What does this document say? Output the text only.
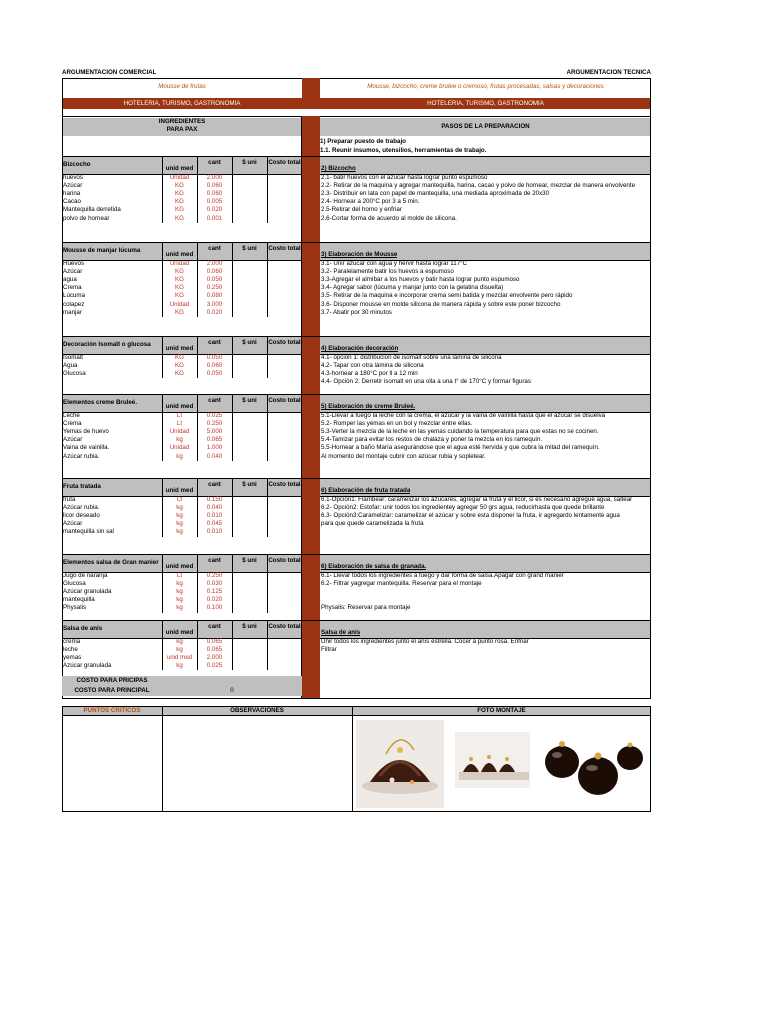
ARGUMENTACIÓN COMERCIAL	ARGUMENTACIÓN TECNICA
Mousse de frutas	Mousse, bizcocho, creme brulee o cremoso, frutas procesadas, salsas y decoraciones
HOTELERÍA, TURISMO, GASTRONOMÍA	HOTELERÍA, TURISMO, GASTRONOMÍA
INGREDIENTES
PARA PAX	PASOS DE LA PREPARACIÓN
1) Preparar puesto de trabajo
1.1. Reunir insumos, utensilios, herramientas de trabajo.
Bizcocho
unid med
cant	$ uni	Costo total
2) Bizcocho
huevos	Unidad	2.000
Azúcar	KG	0.060
harina	KG	0.060
Cacao	KG	0.005
Mantequilla derretida	KG	0.020
polvo de hornear	KG	0.001
2.1- batir huevos con el azúcar hasta lograr punto espumoso
2.2- Retirar de la maquina y agregar mantequilla, harina, cacao y polvo de hornear, mezclar de manera envolvente
2.3- Distribuir en lata con papel de mantequilla, una mediada aproximada de 20x30
2.4- Hornear a 200°C por 3 a 5 min.
2.5-Retirar del horno y enfriar
2.6-Cortar forma de acuerdo al molde de silicona.
Mousse de manjar lúcuma
unid med
cant	$ uni	Costo total
3) Elaboración de Mousse
Huevos	Unidad	2.000
Azúcar	KG	0.060
agua	KG	0.050
Crema	KG	0.250
Lúcuma	KG	0.080
colapez	Unidad	3.000
manjar	KG	0.020
3.1- Unir azúcar con agua y hervir hasta lograr 117°C
3.2- Paralelamente batir los huevos a espumoso
3.3-Agregar el almíbar a los huevos y batir hasta lograr punto espumoso
3.4- Agregar sabor (lúcuma y manjar junto con la gelatina disuelta)
3.5- Retirar de la maquina e incorporar crema semi batida y mezclar envolvente pero rápido
3.6- Disponer mousse en molde silicona de manera rápida y sobre este poner bizcocho
3.7- Abatir por 30 minutos
Decoración Isomalt o glucosa
unid med
cant	$ uni	Costo total
4) Elaboración decoración
Isomalt	KG	0.050
Agua	KG	0.060
Glucosa	KG	0.050
4.1- opción 1: distribución de isomalt sobre una lámina de silicona
4.2- Tapar con otra lámina de silicona
4.3-hornear a 180°C por ll a 12 min
4.4- Opción 2: Derretir isomalt en una olla a una t° de 170°C y formar figuras
Elementos creme Bruleé.
unid med
cant	$ uni	Costo total
5) Elaboración de creme Bruleé.
Leche	Lt	0.025
Crema	Lt	0.250
Yemas de huevo	Unidad	5.000
Azúcar	kg	0.065
Vaina de vainilla.	Unidad	1.000
Azúcar rubia.	kg	0.040
5.1-Llevar a fuego la leche con la crema, el azúcar y la vaina de vainilla hasta que el azúcar se disuelva
5.2- Romper las yemas en un bol y mezclar entre ellas.
5.3-Verter la mezcla de la leche en las yemas cuidando la temperatura para que estas no se cocinen.
5.4-Tamizar para evitar los restos de chalaza y poner la mezcla en los ramequín.
5.5-Hornear a baño María asegurándose que el agua esté hervida y que cubra la mitad del ramequín.
Al momento del montaje cubrir con azúcar rubia y sopletear.
Fruta tratada
unid med
cant	$ uni	Costo total
6) Elaboración de fruta tratada
fruta	Lt	0.150
Azúcar rubia.	kg	0.040
licor deseado	kg	0.010
Azúcar	kg	0.045
mantequilla sin sal	kg	0.010
6.1-Opción1: Flambear: caramelizar los azúcares, agregar la fruta y el licor, si es necesario agregue agua, saltear
6.2- Opción2: Estofar: unir todos los ingredientey agregar 50 grs agua, reducirhasta que quede brillante
6.3- Opción3:Caramelizar: caramelizar el azúcar y sobre esta disponer la fruta, ir agregardo lentamente agua
para que quede caramelizada la fruta
Elementos salsa de Gran manier
unid med
cant	$ uni	Costo total
6) Elaboración de salsa de granada.
Jugo de naranja	Lt	0.250
Glucosa	kg	0.030
Azúcar granulada	kg	0.125
mantequilla	kg	0.020
Physalis	kg	0.100
6.1- Llevar todos los ingredientes a fuego y dar forma de salsa.Apagar con grand manier
6.2- Filtrar yagregar mantequilla. Reservar para el montaje
Physalis: Reservar para montaje
Salsa de anis
unid med
cant	$ uni	Costo total
Salsa de anis
crema	kg	0.065
leche	kg	0.065
yemas	unid med	2.000
Azúcar granulada	kg	0.025
Unir todos los ingredientes junto el anís estrella. Cocer a punto rosa. Enfriar
Filtrar
COSTO PARA PRICIPAS
COSTO PARA PRINCIPAL	0
PUNTOS CRITICOS	OBSERVACIONES	FOTO MONTAJE
